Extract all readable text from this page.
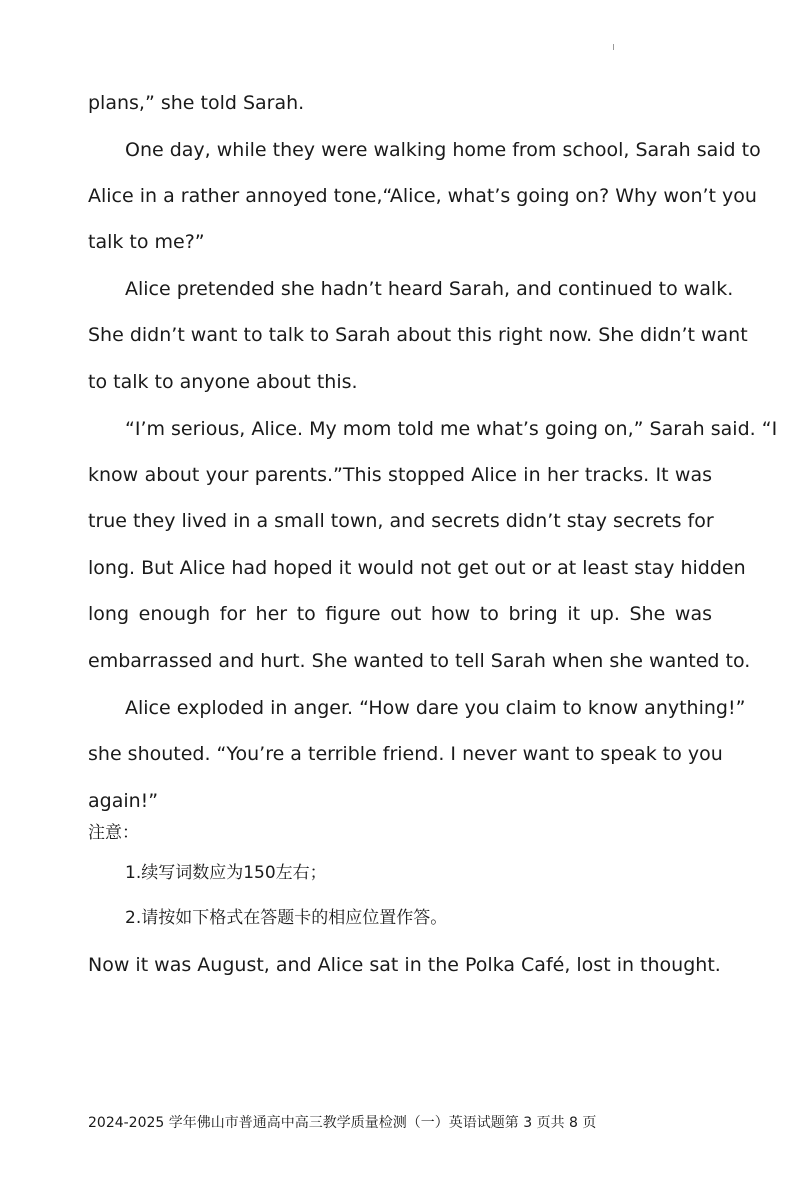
plans,” she told Sarah.
One day, while they were walking home from school, Sarah said to
Alice in a rather annoyed tone,“Alice, what’s going on? Why won’t you
talk to me?”
Alice pretended she hadn’t heard Sarah, and continued to walk.
She didn’t want to talk to Sarah about this right now. She didn’t want
to talk to anyone about this.
“I’m serious, Alice. My mom told me what’s going on,” Sarah said. “I
know about your parents.”This stopped Alice in her tracks. It was
true they lived in a small town, and secrets didn’t stay secrets for
long. But Alice had hoped it would not get out or at least stay hidden
long enough for her to figure out how to bring it up. She was
embarrassed and hurt. She wanted to tell Sarah when she wanted to.
Alice exploded in anger. “How dare you claim to know anything!”
she shouted. “You’re a terrible friend. I never want to speak to you
again!”
注意：
1.续写词数应为150左右；
2.请按如下格式在答题卡的相应位置作答。
Now it was August, and Alice sat in the Polka Café, lost in thought.
2024-2025 学年佛山市普通高中高三教学质量检测（一）英语试题第 3 页共 8 页
